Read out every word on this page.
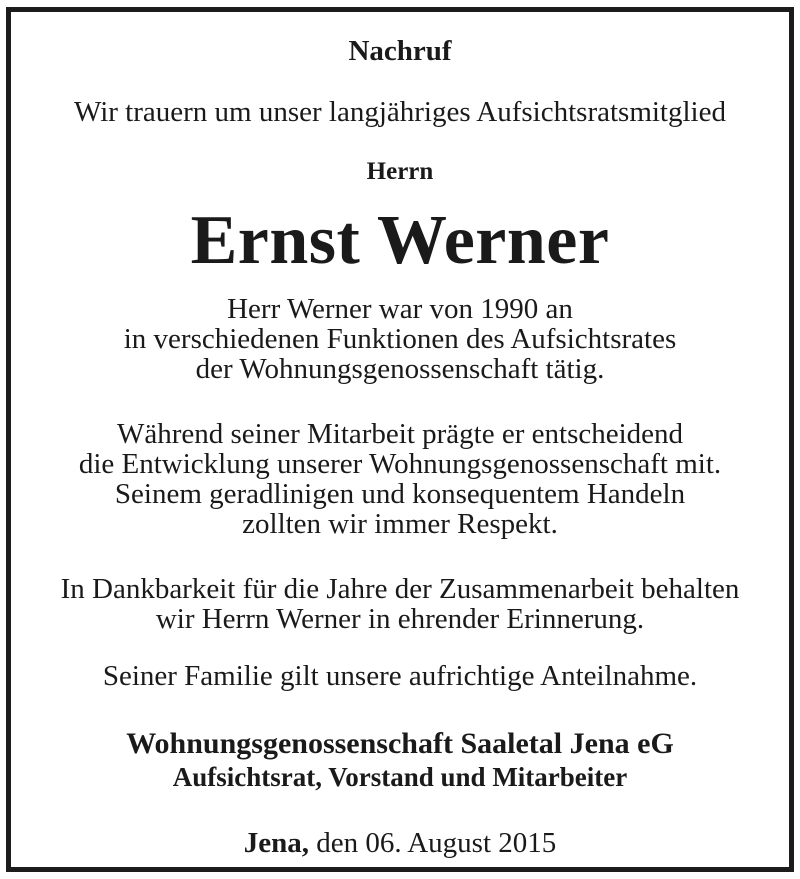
Nachruf

Wir trauern um unser langjähriges Aufsichtsratsmitglied

Herrn

Ernst Werner

Herr Werner war von 1990 an
in verschiedenen Funktionen des Aufsichtsrates
der Wohnungsgenossenschaft tätig.
Während seiner Mitarbeit prägte er entscheidend
die Entwicklung unserer Wohnungsgenossenschaft mit.
Seinem geradlinigen und konsequentem Handeln
zollten wir immer Respekt.
In Dankbarkeit für die Jahre der Zusammenarbeit behalten
wir Herrn Werner in ehrender Erinnerung.
Seiner Familie gilt unsere aufrichtige Anteilnahme.

Wohnungsgenossenschaft Saaletal Jena eG

Aufsichtsrat, Vorstand und Mitarbeiter

Jena, den 06. August 2015
